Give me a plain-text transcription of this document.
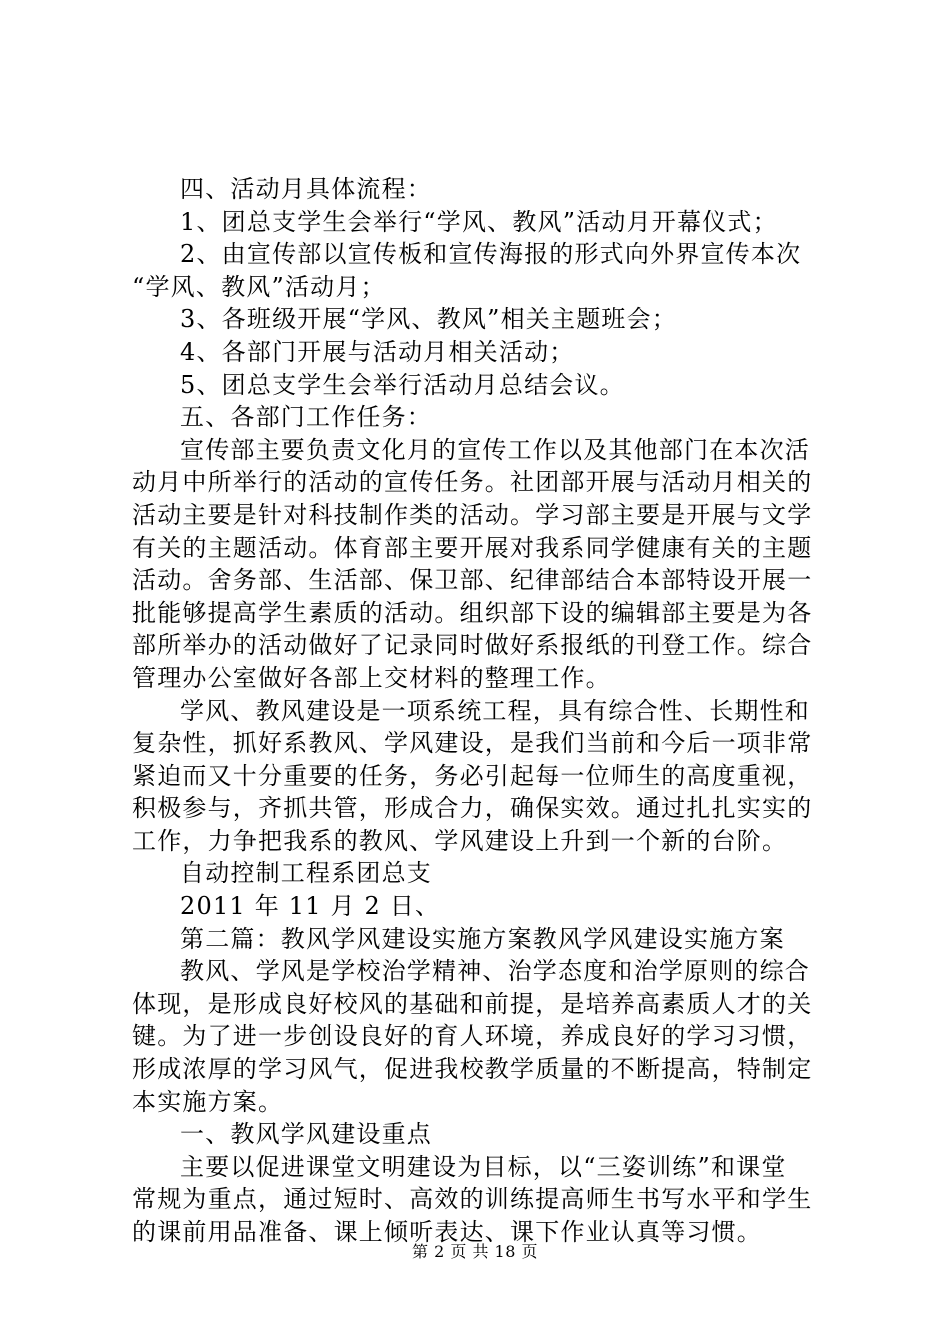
四、活动月具体流程：
1、团总支学生会举行“学风、教风”活动月开幕仪式；
2、由宣传部以宣传板和宣传海报的形式向外界宣传本次
“学风、教风”活动月；
3、各班级开展“学风、教风”相关主题班会；
4、各部门开展与活动月相关活动；
5、团总支学生会举行活动月总结会议。
五、各部门工作任务：
宣传部主要负责文化月的宣传工作以及其他部门在本次活
动月中所举行的活动的宣传任务。社团部开展与活动月相关的
活动主要是针对科技制作类的活动。学习部主要是开展与文学
有关的主题活动。体育部主要开展对我系同学健康有关的主题
活动。舍务部、生活部、保卫部、纪律部结合本部特设开展一
批能够提高学生素质的活动。组织部下设的编辑部主要是为各
部所举办的活动做好了记录同时做好系报纸的刊登工作。综合
管理办公室做好各部上交材料的整理工作。
学风、教风建设是一项系统工程，具有综合性、长期性和
复杂性，抓好系教风、学风建设，是我们当前和今后一项非常
紧迫而又十分重要的任务，务必引起每一位师生的高度重视，
积极参与，齐抓共管，形成合力，确保实效。通过扎扎实实的
工作，力争把我系的教风、学风建设上升到一个新的台阶。
自动控制工程系团总支
2011 年 11 月 2 日、
第二篇：教风学风建设实施方案教风学风建设实施方案
教风、学风是学校治学精神、治学态度和治学原则的综合
体现，是形成良好校风的基础和前提，是培养高素质人才的关
键。为了进一步创设良好的育人环境，养成良好的学习习惯，
形成浓厚的学习风气，促进我校教学质量的不断提高，特制定
本实施方案。
一、教风学风建设重点
主要以促进课堂文明建设为目标，以“三姿训练”和课堂
常规为重点，通过短时、高效的训练提高师生书写水平和学生
的课前用品准备、课上倾听表达、课下作业认真等习惯。
第 2 页 共 18 页
